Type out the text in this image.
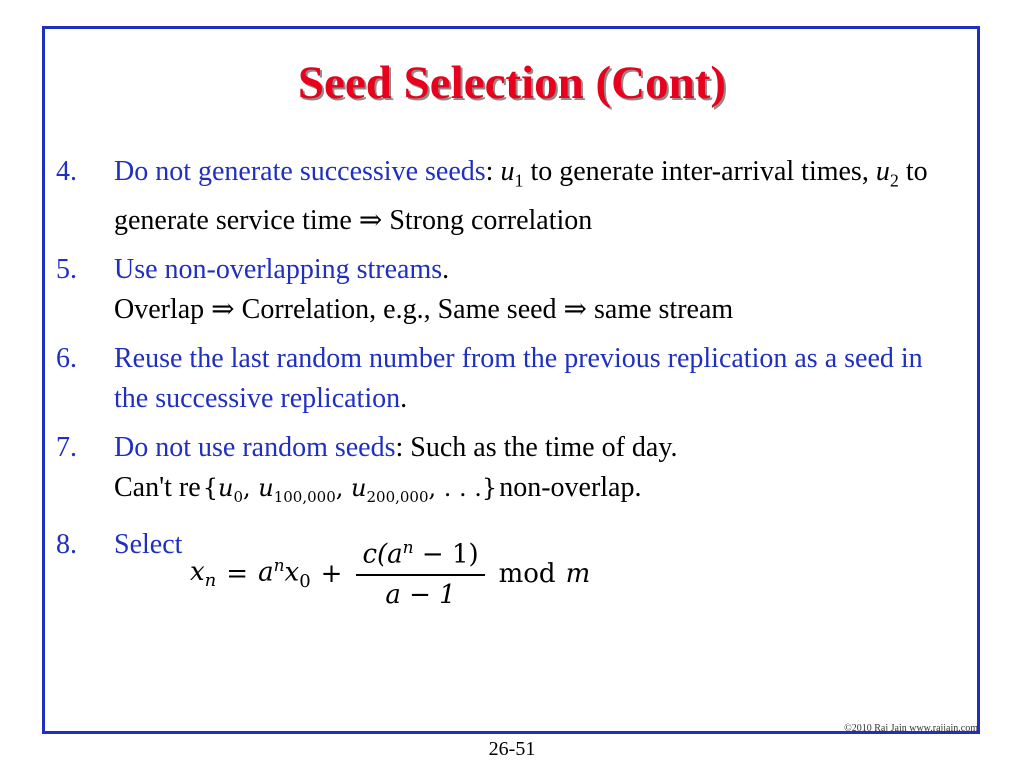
Seed Selection (Cont)
4. Do not generate successive seeds: $u_1$ to generate inter-arrival times, $u_2$ to generate service time ⇒ Strong correlation
5. Use non-overlapping streams.
Overlap ⇒ Correlation, e.g., Same seed ⇒ same stream
6. Reuse the last random number from the previous replication as a seed in the successive replication.
7. Do not use random seeds: Such as the time of day.
Can't $re\{u_0$, $u_{100,000}$, $u_{200,000}$, . . .}non-overlap.
8. Select
$x_n = a^nx_0 + \frac{c(a^n - 1)}{a - 1}$ mod m
©2010 Raj Jain www.rajjain.com
26-51
